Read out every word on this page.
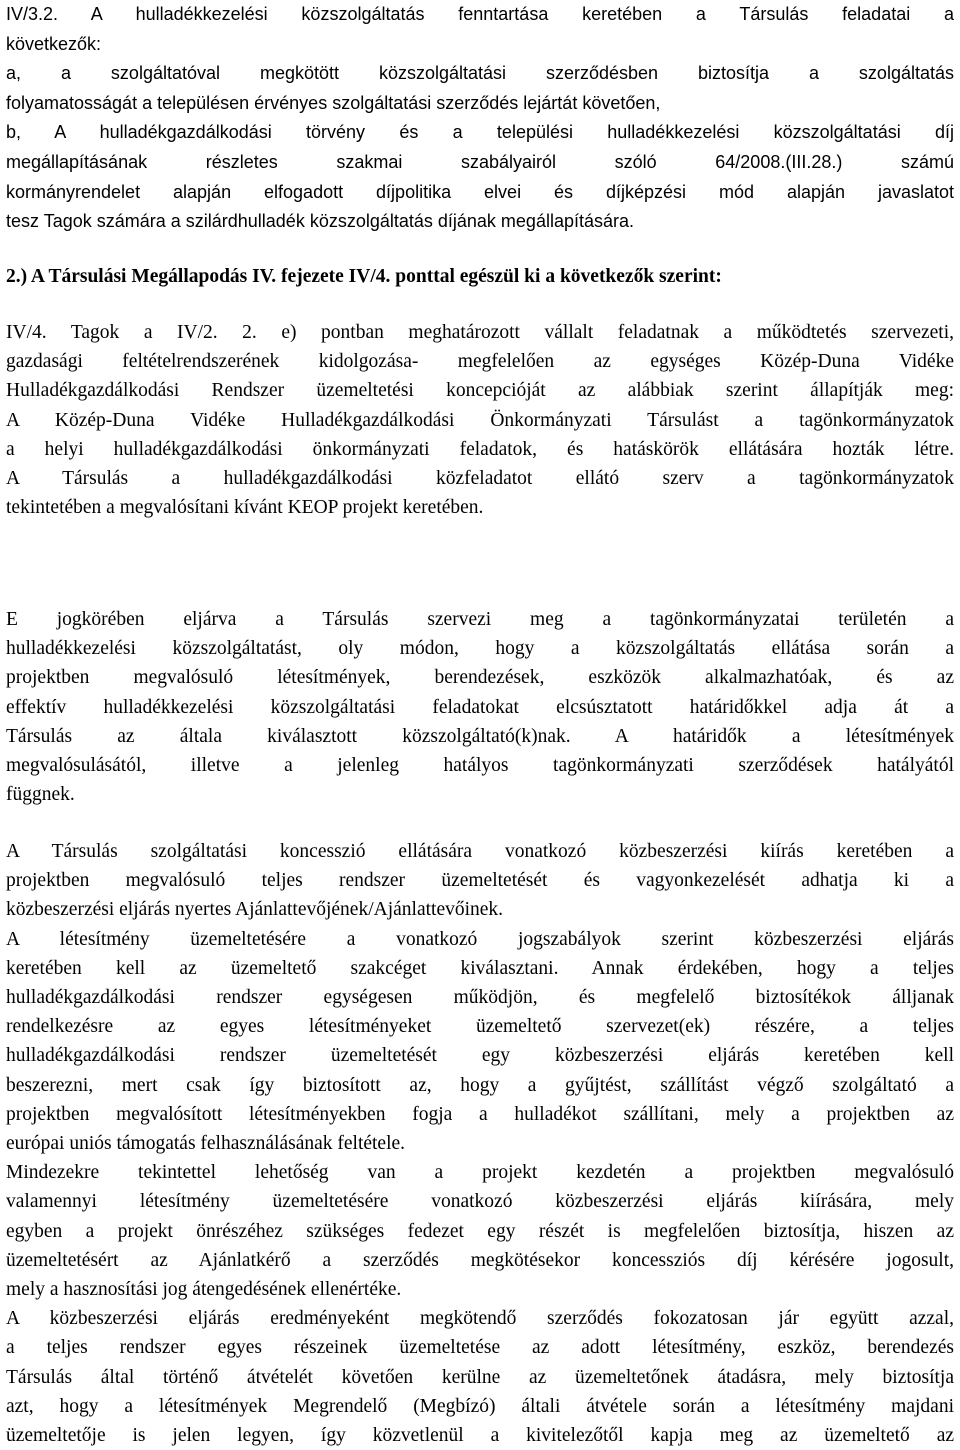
IV/3.2. A hulladékkezelési közszolgáltatás fenntartása keretében a Társulás feladatai a
következők:
a, a szolgáltatóval megkötött közszolgáltatási szerződésben biztosítja a szolgáltatás
folyamatosságát a településen érvényes szolgáltatási szerződés lejártát követően,
b, A hulladékgazdálkodási törvény és a települési hulladékkezelési közszolgáltatási díj
megállapításának részletes szakmai szabályairól szóló 64/2008.(III.28.) számú
kormányrendelet alapján elfogadott díjpolitika elvei és díjképzési mód alapján javaslatot
tesz Tagok számára a szilárdhulladék közszolgáltatás díjának megállapítására.
2.) A Társulási Megállapodás IV. fejezete IV/4. ponttal egészül ki a következők szerint:
IV/4. Tagok a IV/2. 2. e) pontban meghatározott vállalt feladatnak a működtetés szervezeti,
gazdasági feltételrendszerének kidolgozása- megfelelően az egységes Közép-Duna Vidéke
Hulladékgazdálkodási Rendszer üzemeltetési koncepcióját az alábbiak szerint állapítják meg:
A Közép-Duna Vidéke Hulladékgazdálkodási Önkormányzati Társulást a tagönkormányzatok
a helyi hulladékgazdálkodási önkormányzati feladatok, és hatáskörök ellátására hozták létre.
A Társulás a hulladékgazdálkodási közfeladatot ellátó szerv a tagönkormányzatok
tekintetében a megvalósítani kívánt KEOP projekt keretében.
E jogkörében eljárva a Társulás szervezi meg a tagönkormányzatai területén a
hulladékkezelési közszolgáltatást, oly módon, hogy a közszolgáltatás ellátása során a
projektben megvalósuló létesítmények, berendezések, eszközök alkalmazhatóak, és az
effektív hulladékkezelési közszolgáltatási feladatokat elcsúsztatott határidőkkel adja át a
Társulás az általa kiválasztott közszolgáltató(k)nak. A határidők a létesítmények
megvalósulásától, illetve a jelenleg hatályos tagönkormányzati szerződések hatályától
függnek.
A Társulás szolgáltatási koncesszió ellátására vonatkozó közbeszerzési kiírás keretében a
projektben megvalósuló teljes rendszer üzemeltetését és vagyonkezelését adhatja ki a
közbeszerzési eljárás nyertes Ajánlattevőjének/Ajánlattevőinek.
A létesítmény üzemeltetésére a vonatkozó jogszabályok szerint közbeszerzési eljárás
keretében kell az üzemeltető szakcéget kiválasztani. Annak érdekében, hogy a teljes
hulladékgazdálkodási rendszer egységesen működjön, és megfelelő biztosítékok álljanak
rendelkezésre az egyes létesítményeket üzemeltető szervezet(ek) részére, a teljes
hulladékgazdálkodási rendszer üzemeltetését egy közbeszerzési eljárás keretében kell
beszerezni, mert csak így biztosított az, hogy a gyűjtést, szállítást végző szolgáltató a
projektben megvalósított létesítményekben fogja a hulladékot szállítani, mely a projektben az
európai uniós támogatás felhasználásának feltétele.
Mindezekre tekintettel lehetőség van a projekt kezdetén a projektben megvalósuló
valamennyi létesítmény üzemeltetésére vonatkozó közbeszerzési eljárás kiírására, mely
egyben a projekt önrészéhez szükséges fedezet egy részét is megfelelően biztosítja, hiszen az
üzemeltetésért az Ajánlatkérő a szerződés megkötésekor koncessziós díj kérésére jogosult,
mely a hasznosítási jog átengedésének ellenértéke.
A közbeszerzési eljárás eredményeként megkötendő szerződés fokozatosan jár együtt azzal,
a teljes rendszer egyes részeinek üzemeltetése az adott létesítmény, eszköz, berendezés
Társulás által történő átvételét követően kerülne az üzemeltetőnek átadásra, mely biztosítja
azt, hogy a létesítmények Megrendelő (Megbízó) általi átvétele során a létesítmény majdani
üzemeltetője is jelen legyen, így közvetlenül a kivitelezőtől kapja meg az üzemeltető az
